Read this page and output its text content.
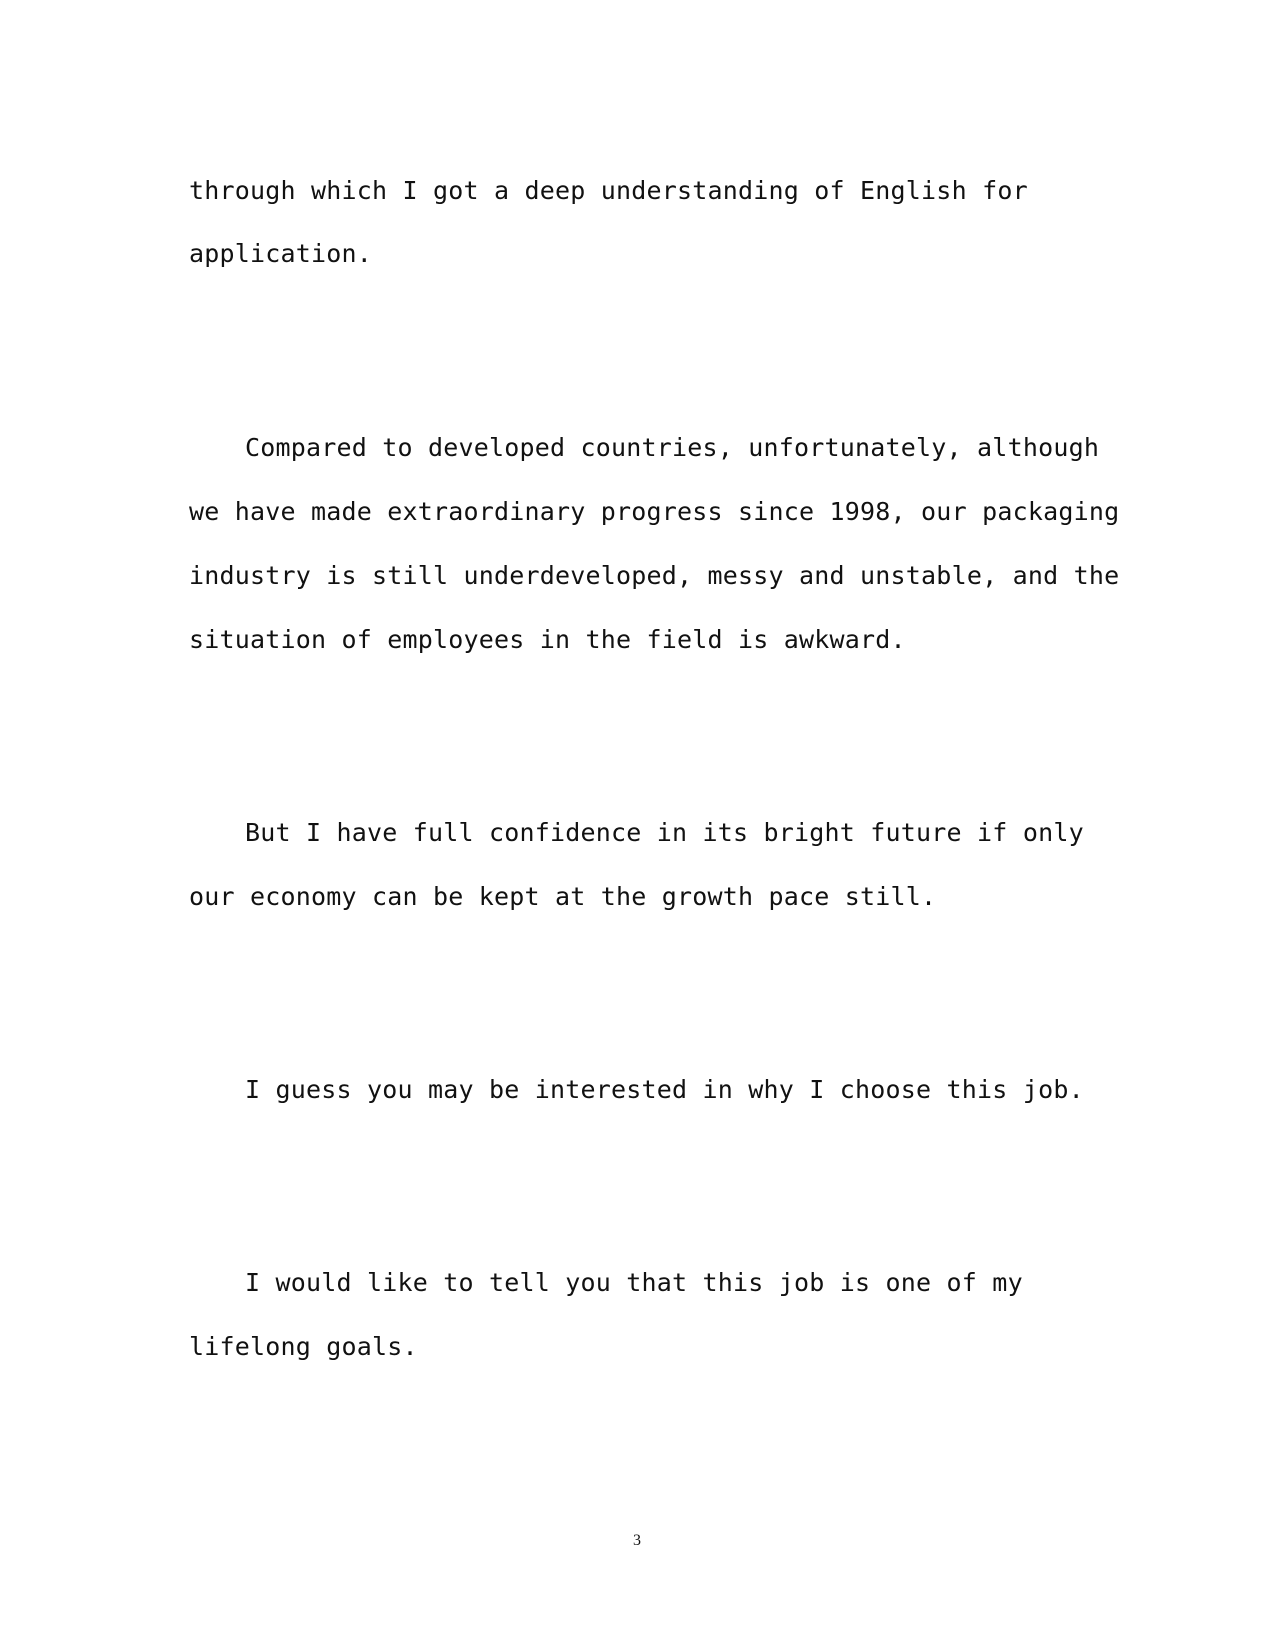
through which I got a deep understanding of English for

application.

Compared to developed countries, unfortunately, although

we have made extraordinary progress since 1998, our packaging

industry is still underdeveloped, messy and unstable, and the

situation of employees in the field is awkward.

But I have full confidence in its bright future if only

our economy can be kept at the growth pace still.

I guess you may be interested in why I choose this job.

I would like to tell you that this job is one of my

lifelong goals.

3
